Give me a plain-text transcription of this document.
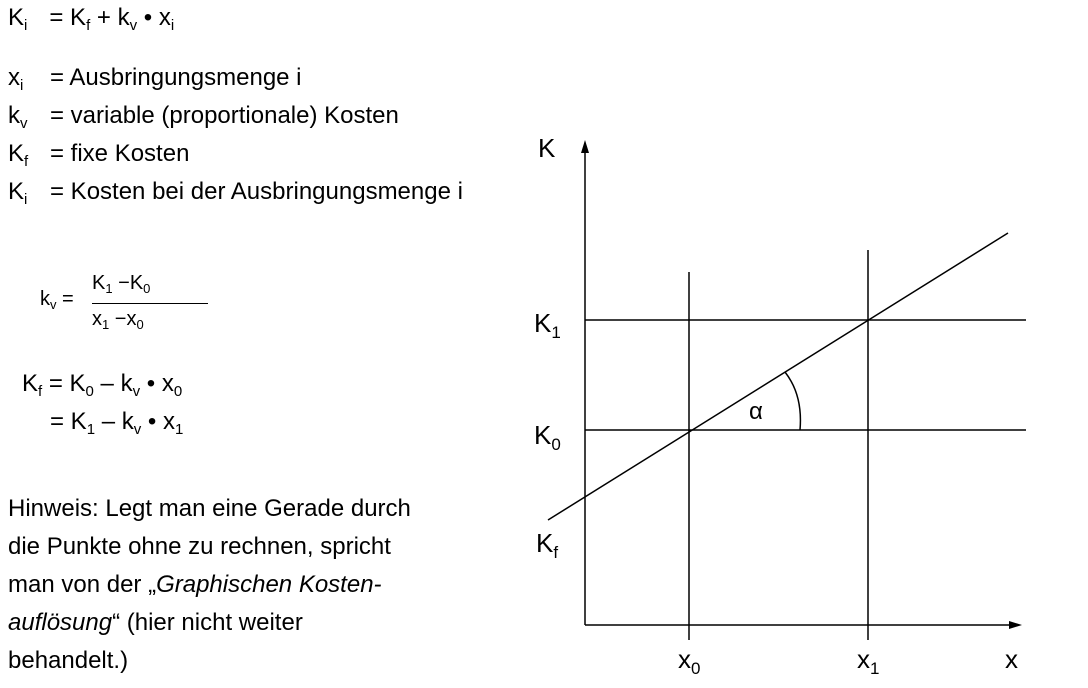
$K_i = K_f + k_v$ • $x_i$
$x_i$ = Ausbringungsmenge i
$k_v$ = variable (proportionale) Kosten
$K_f$ = fixe Kosten
$K_i$ = Kosten bei der Ausbringungsmenge i
$k_v$ =
$K_1 -K_0$
$x_1 -x_0$
$K_f = K_0 - k_v$ • $x_0$
= $K_1 - k_v$ • $x_1$
Hinweis: Legt man eine Gerade durch
die Punkte ohne zu rechnen, spricht
man von der „Graphischen Kosten-
auflösung“ (hier nicht weiter
behandelt.)
K
x
$K_1$
$K_0$
$K_f$
$x_0$	$x_1$
α
